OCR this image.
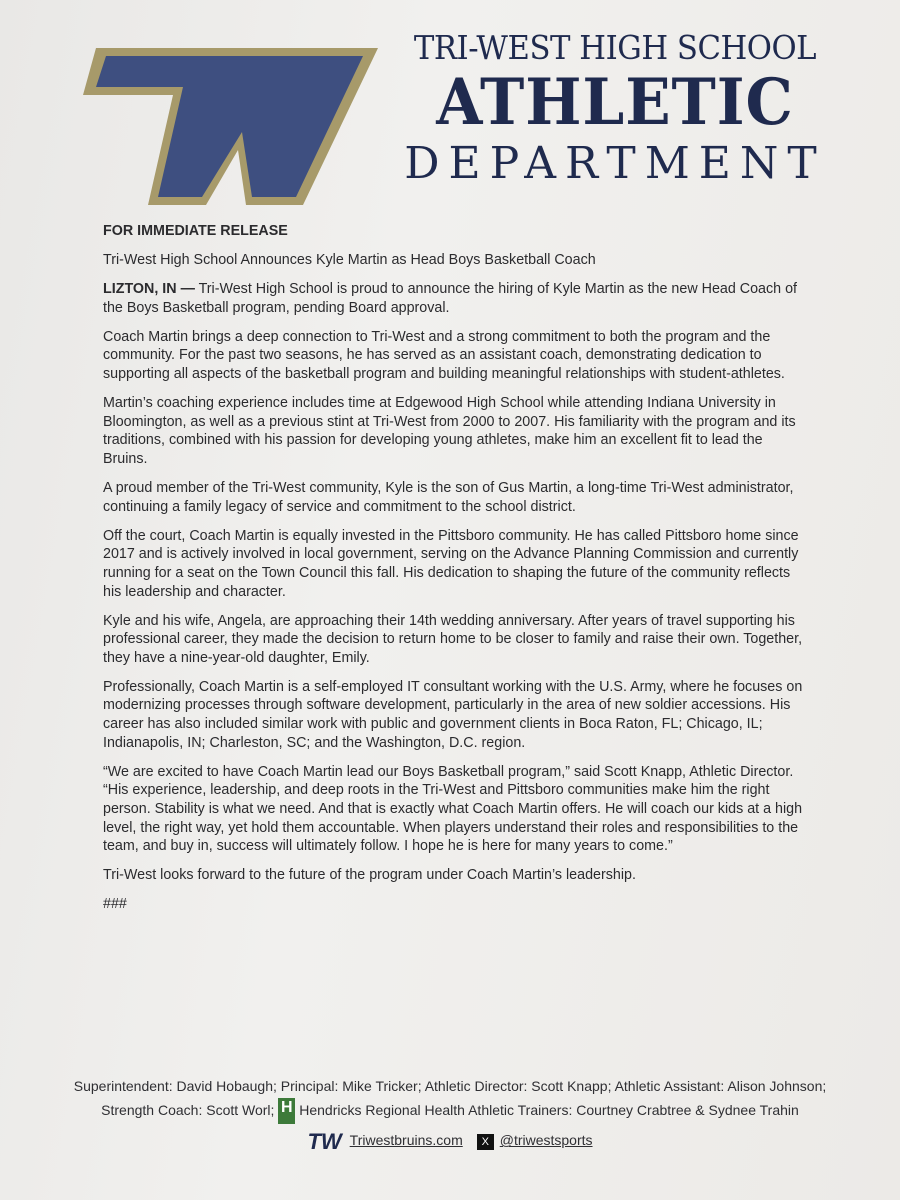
TRI-WEST HIGH SCHOOL
ATHLETIC
DEPARTMENT

FOR IMMEDIATE RELEASE

Tri-West High School Announces Kyle Martin as Head Boys Basketball Coach

LIZTON, IN — Tri-West High School is proud to announce the hiring of Kyle Martin as the new Head Coach of the Boys Basketball program, pending Board approval.

Coach Martin brings a deep connection to Tri-West and a strong commitment to both the program and the community. For the past two seasons, he has served as an assistant coach, demonstrating dedication to supporting all aspects of the basketball program and building meaningful relationships with student-athletes.

Martin’s coaching experience includes time at Edgewood High School while attending Indiana University in Bloomington, as well as a previous stint at Tri-West from 2000 to 2007. His familiarity with the program and its traditions, combined with his passion for developing young athletes, make him an excellent fit to lead the Bruins.

A proud member of the Tri-West community, Kyle is the son of Gus Martin, a long-time Tri-West administrator, continuing a family legacy of service and commitment to the school district.

Off the court, Coach Martin is equally invested in the Pittsboro community. He has called Pittsboro home since 2017 and is actively involved in local government, serving on the Advance Planning Commission and currently running for a seat on the Town Council this fall. His dedication to shaping the future of the community reflects his leadership and character.

Kyle and his wife, Angela, are approaching their 14th wedding anniversary. After years of travel supporting his professional career, they made the decision to return home to be closer to family and raise their own. Together, they have a nine-year-old daughter, Emily.

Professionally, Coach Martin is a self-employed IT consultant working with the U.S. Army, where he focuses on modernizing processes through software development, particularly in the area of new soldier accessions. His career has also included similar work with public and government clients in Boca Raton, FL; Chicago, IL; Indianapolis, IN; Charleston, SC; and the Washington, D.C. region.

“We are excited to have Coach Martin lead our Boys Basketball program,” said Scott Knapp, Athletic Director. “His experience, leadership, and deep roots in the Tri-West and Pittsboro communities make him the right person. Stability is what we need. And that is exactly what Coach Martin offers. He will coach our kids at a high level, the right way, yet hold them accountable. When players understand their roles and responsibilities to the team, and buy in, success will ultimately follow. I hope he is here for many years to come.”

Tri-West looks forward to the future of the program under Coach Martin’s leadership.

###

Superintendent: David Hobaugh; Principal: Mike Tricker; Athletic Director: Scott Knapp; Athletic Assistant: Alison Johnson;
Strength Coach: Scott Worl; H Hendricks Regional Health Athletic Trainers: Courtney Crabtree & Sydnee Trahin
TW Triwestbruins.com X @triwestsports
